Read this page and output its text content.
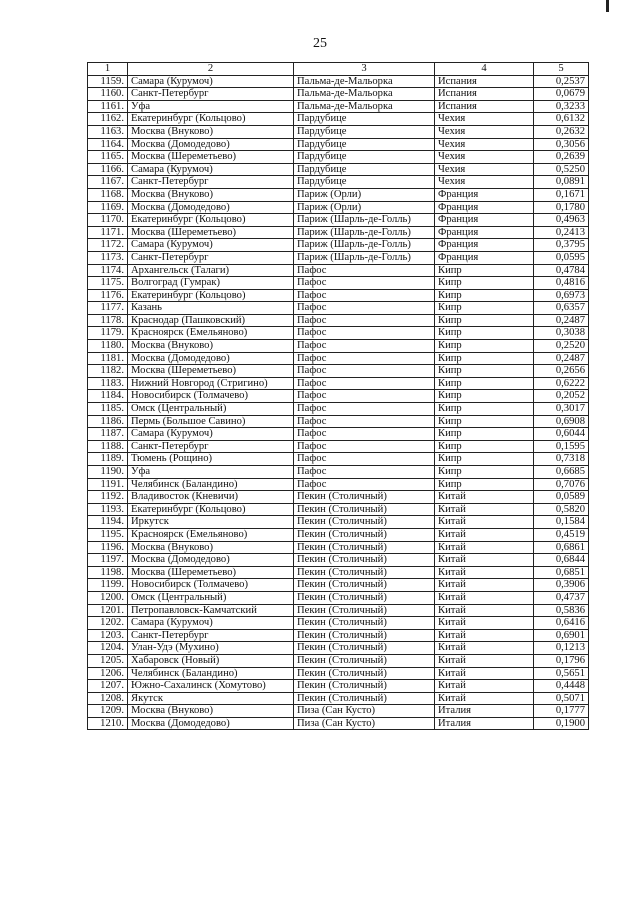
25
1	2	3	4	5
1159.	Самара (Курумоч)	Пальма-де-Мальорка	Испания	0,2537
1160.	Санкт-Петербург	Пальма-де-Мальорка	Испания	0,0679
1161.	Уфа	Пальма-де-Мальорка	Испания	0,3233
1162.	Екатеринбург (Кольцово)	Пардубице	Чехия	0,6132
1163.	Москва (Внуково)	Пардубице	Чехия	0,2632
1164.	Москва (Домодедово)	Пардубице	Чехия	0,3056
1165.	Москва (Шереметьево)	Пардубице	Чехия	0,2639
1166.	Самара (Курумоч)	Пардубице	Чехия	0,5250
1167.	Санкт-Петербург	Пардубице	Чехия	0,0891
1168.	Москва (Внуково)	Париж (Орли)	Франция	0,1671
1169.	Москва (Домодедово)	Париж (Орли)	Франция	0,1780
1170.	Екатеринбург (Кольцово)	Париж (Шарль-де-Голль)	Франция	0,4963
1171.	Москва (Шереметьево)	Париж (Шарль-де-Голль)	Франция	0,2413
1172.	Самара (Курумоч)	Париж (Шарль-де-Голль)	Франция	0,3795
1173.	Санкт-Петербург	Париж (Шарль-де-Голль)	Франция	0,0595
1174.	Архангельск (Талаги)	Пафос	Кипр	0,4784
1175.	Волгоград (Гумрак)	Пафос	Кипр	0,4816
1176.	Екатеринбург (Кольцово)	Пафос	Кипр	0,6973
1177.	Казань	Пафос	Кипр	0,6357
1178.	Краснодар (Пашковский)	Пафос	Кипр	0,2487
1179.	Красноярск (Емельяново)	Пафос	Кипр	0,3038
1180.	Москва (Внуково)	Пафос	Кипр	0,2520
1181.	Москва (Домодедово)	Пафос	Кипр	0,2487
1182.	Москва (Шереметьево)	Пафос	Кипр	0,2656
1183.	Нижний Новгород (Стригино)	Пафос	Кипр	0,6222
1184.	Новосибирск (Толмачево)	Пафос	Кипр	0,2052
1185.	Омск (Центральный)	Пафос	Кипр	0,3017
1186.	Пермь (Большое Савино)	Пафос	Кипр	0,6908
1187.	Самара (Курумоч)	Пафос	Кипр	0,6044
1188.	Санкт-Петербург	Пафос	Кипр	0,1595
1189.	Тюмень (Рощино)	Пафос	Кипр	0,7318
1190.	Уфа	Пафос	Кипр	0,6685
1191.	Челябинск (Баландино)	Пафос	Кипр	0,7076
1192.	Владивосток (Кневичи)	Пекин (Столичный)	Китай	0,0589
1193.	Екатеринбург (Кольцово)	Пекин (Столичный)	Китай	0,5820
1194.	Иркутск	Пекин (Столичный)	Китай	0,1584
1195.	Красноярск (Емельяново)	Пекин (Столичный)	Китай	0,4519
1196.	Москва (Внуково)	Пекин (Столичный)	Китай	0,6861
1197.	Москва (Домодедово)	Пекин (Столичный)	Китай	0,6844
1198.	Москва (Шереметьево)	Пекин (Столичный)	Китай	0,6851
1199.	Новосибирск (Толмачево)	Пекин (Столичный)	Китай	0,3906
1200.	Омск (Центральный)	Пекин (Столичный)	Китай	0,4737
1201.	Петропавловск-Камчатский	Пекин (Столичный)	Китай	0,5836
1202.	Самара (Курумоч)	Пекин (Столичный)	Китай	0,6416
1203.	Санкт-Петербург	Пекин (Столичный)	Китай	0,6901
1204.	Улан-Удэ (Мухино)	Пекин (Столичный)	Китай	0,1213
1205.	Хабаровск (Новый)	Пекин (Столичный)	Китай	0,1796
1206.	Челябинск (Баландино)	Пекин (Столичный)	Китай	0,5651
1207.	Южно-Сахалинск (Хомутово)	Пекин (Столичный)	Китай	0,4448
1208.	Якутск	Пекин (Столичный)	Китай	0,5071
1209.	Москва (Внуково)	Пиза (Сан Кусто)	Италия	0,1777
1210.	Москва (Домодедово)	Пиза (Сан Кусто)	Италия	0,1900
